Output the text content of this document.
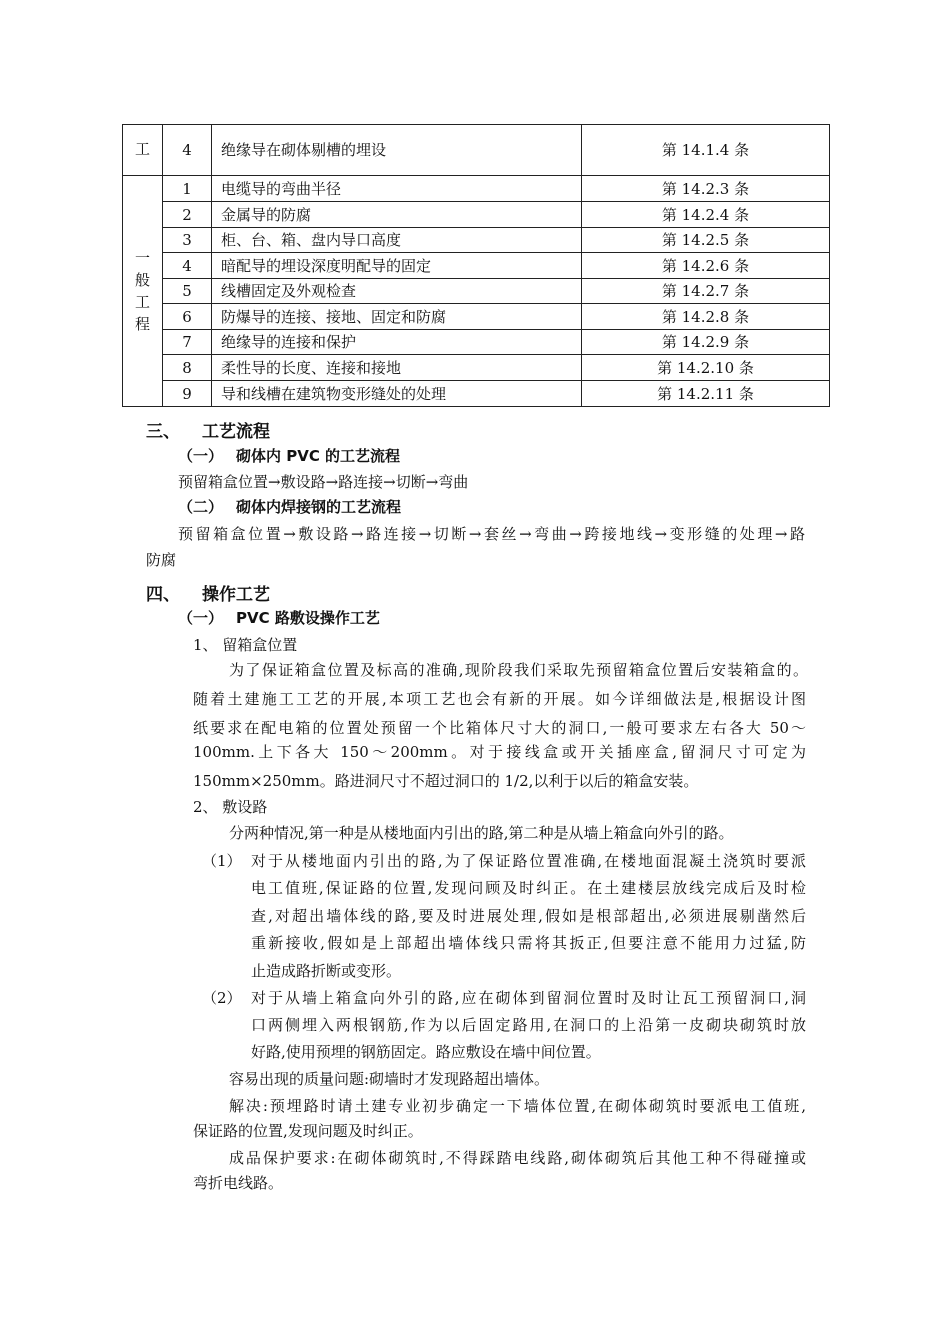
工	4	绝缘导在砌体剔槽的埋设	第 14.1.4 条
一
般
工
程	1	电缆导的弯曲半径	第 14.2.3 条
	2	金属导的防腐	第 14.2.4 条
	3	柜、台、箱、盘内导口高度	第 14.2.5 条
	4	暗配导的埋设深度明配导的固定	第 14.2.6 条
	5	线槽固定及外观检查	第 14.2.7 条
	6	防爆导的连接、接地、固定和防腐	第 14.2.8 条
	7	绝缘导的连接和保护	第 14.2.9 条
	8	柔性导的长度、连接和接地	第 14.2.10 条
	9	导和线槽在建筑物变形缝处的处理	第 14.2.11 条
三、 工艺流程
（一） 砌体内 PVC 的工艺流程
预留箱盒位置→敷设路→路连接→切断→弯曲
（二） 砌体内焊接钢的工艺流程
预留箱盒位置→敷设路→路连接→切断→套丝→弯曲→跨接地线→变形缝的处理→路
防腐
四、 操作工艺
（一） PVC 路敷设操作工艺
1、 留箱盒位置
为了保证箱盒位置及标高的准确,现阶段我们采取先预留箱盒位置后安装箱盒的。
随着土建施工工艺的开展,本项工艺也会有新的开展。如今详细做法是,根据设计图
纸要求在配电箱的位置处预留一个比箱体尺寸大的洞口,一般可要求左右各大 50～
100mm.上下各大 150～200mm。对于接线盒或开关插座盒,留洞尺寸可定为
150mm×250mm。路进洞尺寸不超过洞口的 1/2,以利于以后的箱盒安装。
2、 敷设路
分两种情况,第一种是从楼地面内引出的路,第二种是从墙上箱盒向外引的路。
（1） 对于从楼地面内引出的路,为了保证路位置准确,在楼地面混凝土浇筑时要派
电工值班,保证路的位置,发现问顾及时纠正。在土建楼层放线完成后及时检
查,对超出墙体线的路,要及时进展处理,假如是根部超出,必须进展剔凿然后
重新接收,假如是上部超出墙体线只需将其扳正,但要注意不能用力过猛,防
止造成路折断或变形。
（2） 对于从墙上箱盒向外引的路,应在砌体到留洞位置时及时让瓦工预留洞口,洞
口两侧埋入两根钢筋,作为以后固定路用,在洞口的上沿第一皮砌块砌筑时放
好路,使用预埋的钢筋固定。路应敷设在墙中间位置。
容易出现的质量问题:砌墙时才发现路超出墙体。
解决:预埋路时请土建专业初步确定一下墙体位置,在砌体砌筑时要派电工值班,
保证路的位置,发现问题及时纠正。
成品保护要求:在砌体砌筑时,不得踩踏电线路,砌体砌筑后其他工种不得碰撞或
弯折电线路。
